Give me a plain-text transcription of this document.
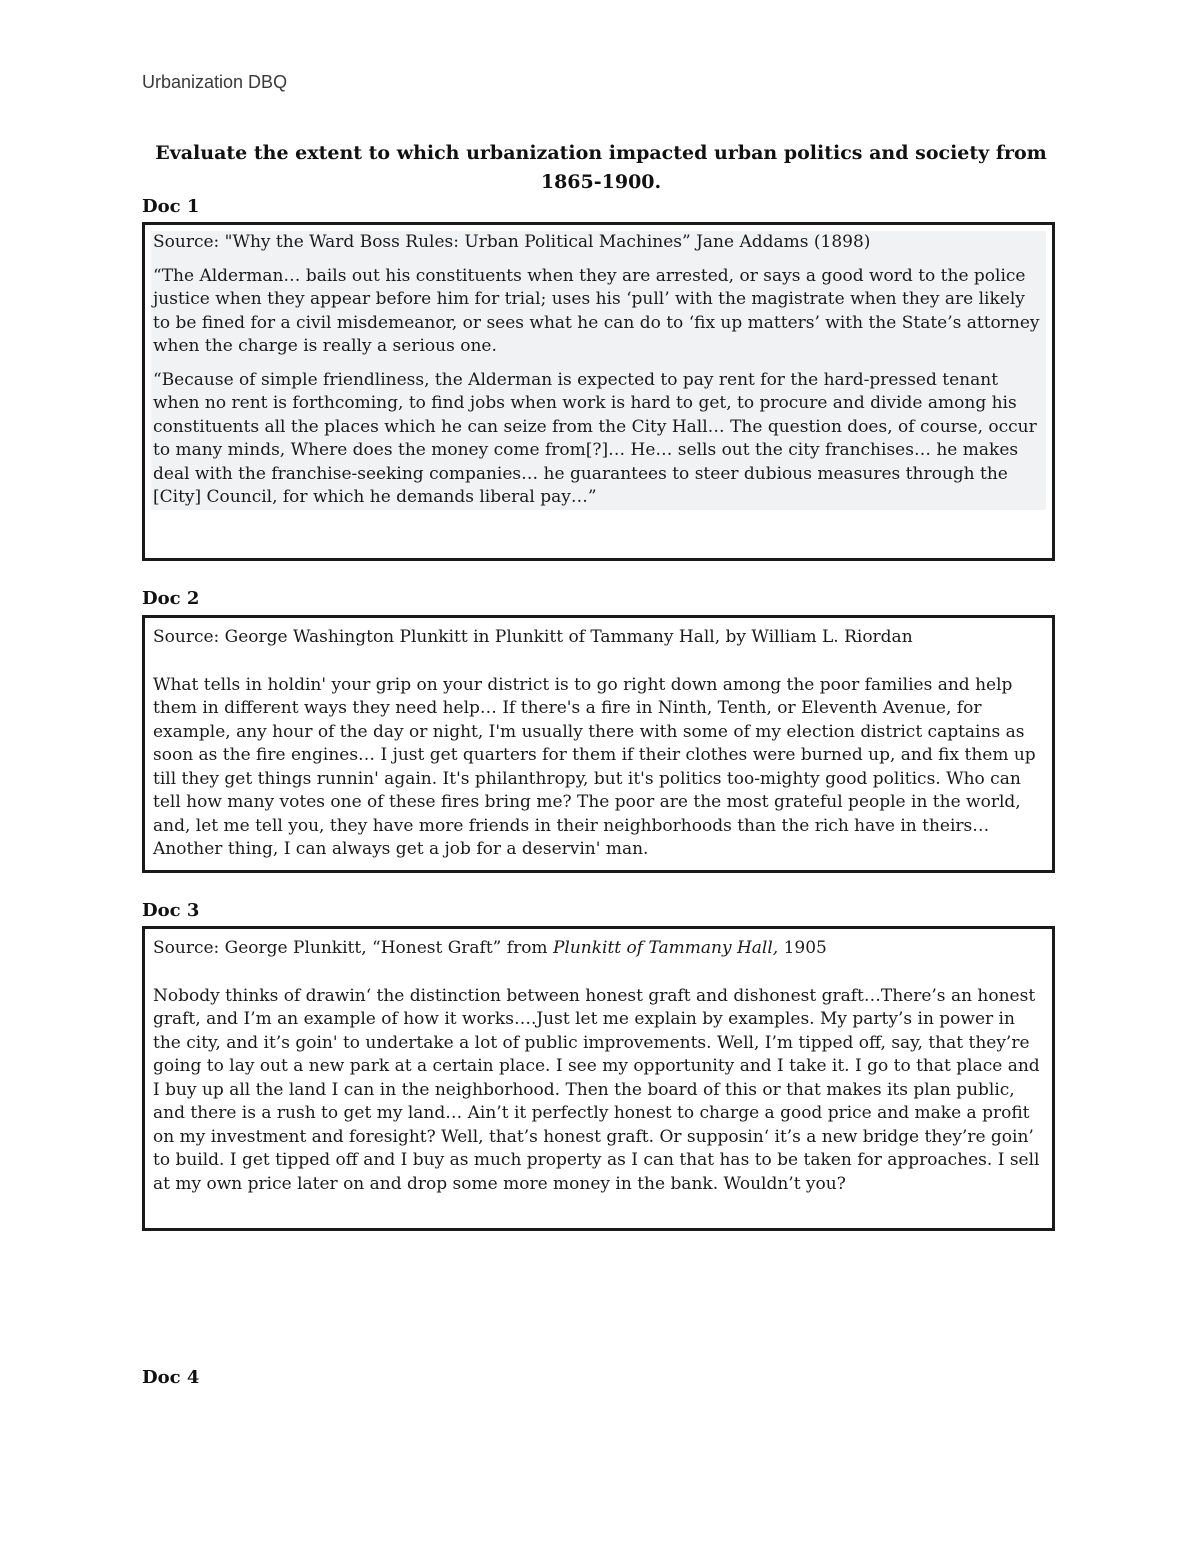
Urbanization DBQ
Evaluate the extent to which urbanization impacted urban politics and society from 1865-1900.
Doc 1

Source: "Why the Ward Boss Rules: Urban Political Machines” Jane Addams (1898)

“The Alderman… bails out his constituents when they are arrested, or says a good word to the police justice when they appear before him for trial; uses his ‘pull’ with the magistrate when they are likely to be fined for a civil misdemeanor, or sees what he can do to ‘fix up matters’ with the State’s attorney when the charge is really a serious one.

“Because of simple friendliness, the Alderman is expected to pay rent for the hard-pressed tenant when no rent is forthcoming, to find jobs when work is hard to get, to procure and divide among his constituents all the places which he can seize from the City Hall… The question does, of course, occur to many minds, Where does the money come from[?]… He… sells out the city franchises… he makes deal with the franchise-seeking companies… he guarantees to steer dubious measures through the [City] Council, for which he demands liberal pay…”

Doc 2

Source: George Washington Plunkitt in Plunkitt of Tammany Hall, by William L. Riordan

What tells in holdin' your grip on your district is to go right down among the poor families and help them in different ways they need help… If there's a fire in Ninth, Tenth, or Eleventh Avenue, for example, any hour of the day or night, I'm usually there with some of my election district captains as soon as the fire engines… I just get quarters for them if their clothes were burned up, and fix them up till they get things runnin' again. It's philanthropy, but it's politics too-mighty good politics. Who can tell how many votes one of these fires bring me? The poor are the most grateful people in the world, and, let me tell you, they have more friends in their neighborhoods than the rich have in theirs… Another thing, I can always get a job for a deservin' man.

Doc 3

Source: George Plunkitt, “Honest Graft” from Plunkitt of Tammany Hall, 1905

Nobody thinks of drawin‘ the distinction between honest graft and dishonest graft…There’s an honest graft, and I’m an example of how it works….Just let me explain by examples. My party’s in power in the city, and it’s goin' to undertake a lot of public improvements. Well, I’m tipped off, say, that they’re going to lay out a new park at a certain place. I see my opportunity and I take it. I go to that place and I buy up all the land I can in the neighborhood. Then the board of this or that makes its plan public, and there is a rush to get my land… Ain’t it perfectly honest to charge a good price and make a profit on my investment and foresight? Well, that’s honest graft. Or supposin‘ it’s a new bridge they’re goin’ to build. I get tipped off and I buy as much property as I can that has to be taken for approaches. I sell at my own price later on and drop some more money in the bank. Wouldn’t you?

Doc 4
